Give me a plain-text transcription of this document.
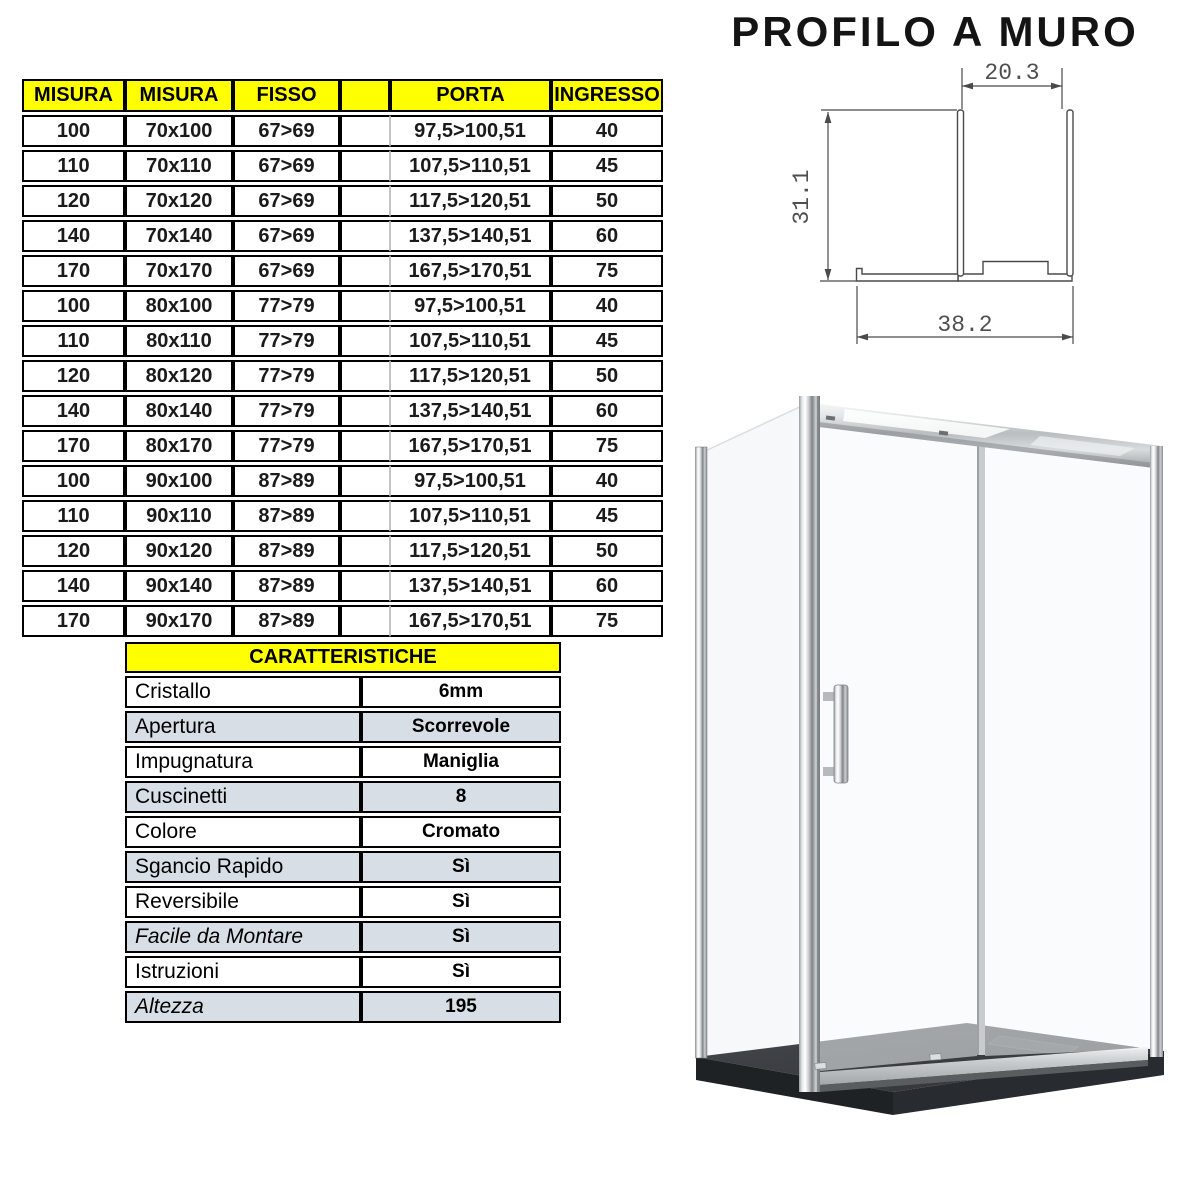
MISURA	MISURA	FISSO		PORTA	INGRESSO
100	70x100	67>69		97,5>100,51	40
110	70x110	67>69		107,5>110,51	45
120	70x120	67>69		117,5>120,51	50
140	70x140	67>69		137,5>140,51	60
170	70x170	67>69		167,5>170,51	75
100	80x100	77>79		97,5>100,51	40
110	80x110	77>79		107,5>110,51	45
120	80x120	77>79		117,5>120,51	50
140	80x140	77>79		137,5>140,51	60
170	80x170	77>79		167,5>170,51	75
100	90x100	87>89		97,5>100,51	40
110	90x110	87>89		107,5>110,51	45
120	90x120	87>89		117,5>120,51	50
140	90x140	87>89		137,5>140,51	60
170	90x170	87>89		167,5>170,51	75
CARATTERISTICHE	
Cristallo	6mm
Apertura	Scorrevole
Impugnatura	Maniglia
Cuscinetti	8
Colore	Cromato
Sgancio Rapido	Sì
Reversibile	Sì
Facile da Montare	Sì
Istruzioni	Sì
Altezza	195
PROFILO A MURO
20.3
31.1
38.2
